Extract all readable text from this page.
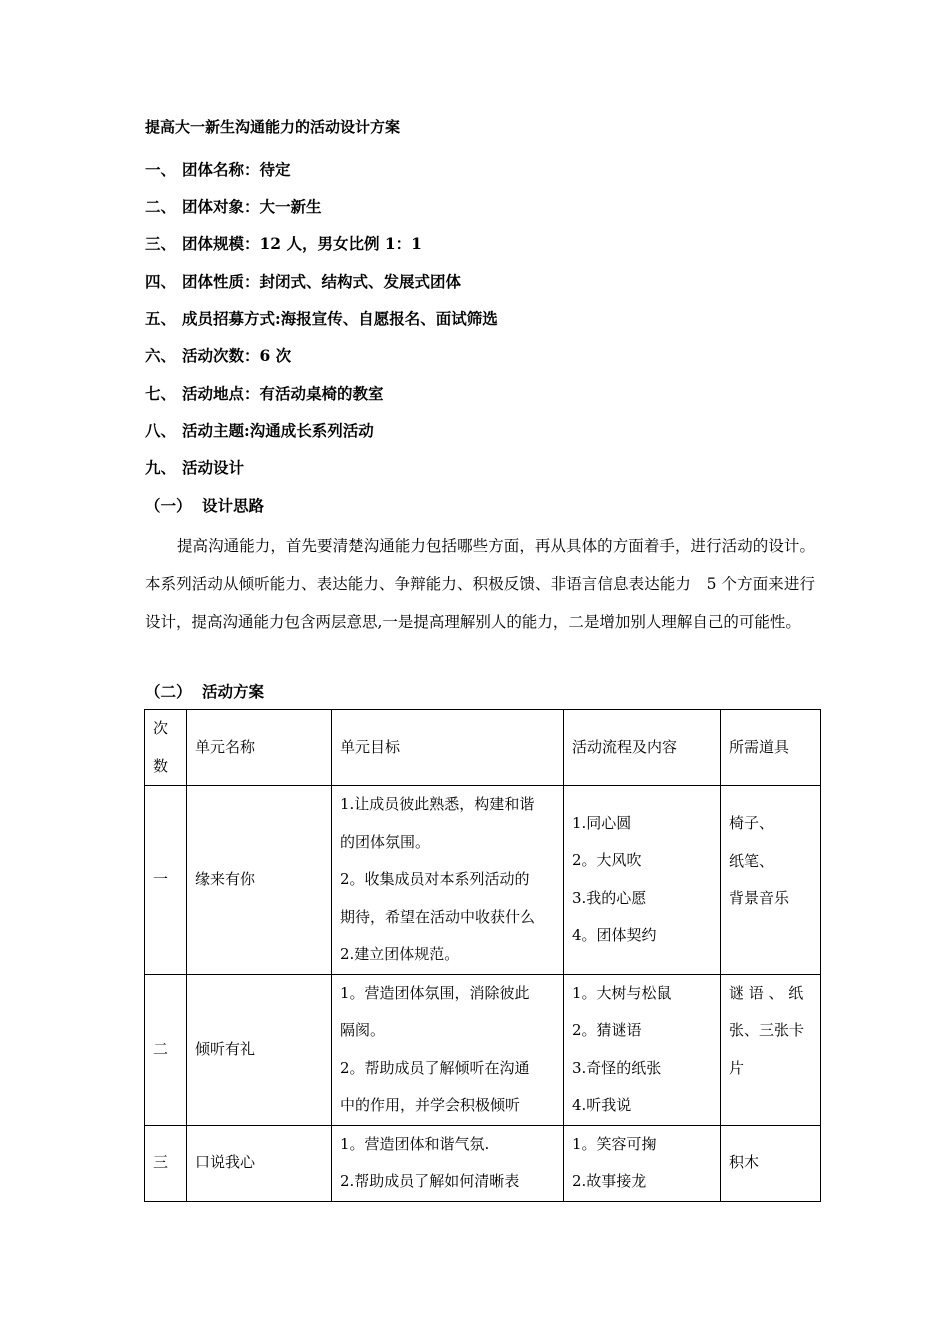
提高大一新生沟通能力的活动设计方案
一、 团体名称：待定
二、 团体对象：大一新生
三、 团体规模：12 人，男女比例 1：1
四、 团体性质：封闭式、结构式、发展式团体
五、 成员招募方式:海报宣传、自愿报名、面试筛选
六、 活动次数：6 次
七、 活动地点：有活动桌椅的教室
八、 活动主题:沟通成长系列活动
九、 活动设计
（一） 设计思路

提高沟通能力，首先要清楚沟通能力包括哪些方面，再从具体的方面着手，进行活动的设计。本系列活动从倾听能力、表达能力、争辩能力、积极反馈、非语言信息表达能力　5 个方面来进行设计，提高沟通能力包含两层意思,一是提高理解别人的能力，二是增加别人理解自己的可能性。

（二） 活动方案
次
数	单元名称	单元目标	活动流程及内容	所需道具
一	缘来有你	1.让成员彼此熟悉，构建和谐
的团体氛围。
2。收集成员对本系列活动的
期待，希望在活动中收获什么
2.建立团体规范。	1.同心圆
2。大风吹
3.我的心愿
4。团体契约	椅子、
纸笔、
背景音乐

二	倾听有礼	1。营造团体氛围，消除彼此
隔阂。
2。帮助成员了解倾听在沟通
中的作用，并学会积极倾听	1。大树与松鼠
2。猜谜语
3.奇怪的纸张
4.听我说	谜 语 、 纸
张、三张卡
片

三	口说我心	1。营造团体和谐气氛.
2.帮助成员了解如何清晰表	1。笑容可掬
2.故事接龙	积木
